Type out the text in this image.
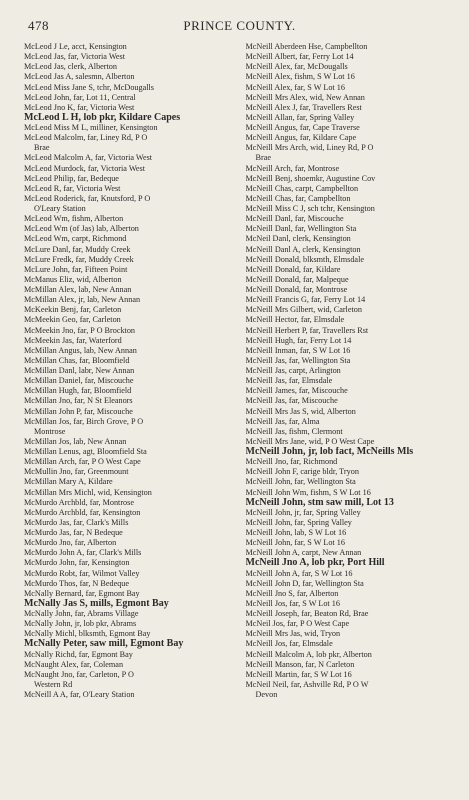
478	PRINCE COUNTY.
McLeod J Le, acct, Kensington
McLeod Jas, far, Victoria West
McLeod Jas, clerk, Alberton
McLeod Jas A, salesmn, Alberton
McLeod Miss Jane S, tchr, McDougalls
McLeod John, far, Lot 11, Central
McLeod Jno K, far, Victoria West
McLeod L H, lob pkr, Kildare Capes
McLeod Miss M L, milliner, Kensington
McLeod Malcolm, far, Liney Rd, P O
Brae
McLeod Malcolm A, far, Victoria West
McLeod Murdock, far, Victoria West
McLeod Philip, far, Bedeque
McLeod R, far, Victoria West
McLeod Roderick, far, Knutsford, P O
O'Leary Station
McLeod Wm, fishm, Alberton
McLeod Wm (of Jas) lab, Alberton
McLeod Wm, carpt, Richmond
McLure Danl, far, Muddy Creek
McLure Fredk, far, Muddy Creek
McLure John, far, Fifteen Point
McManus Eliz, wid, Alberton
McMillan Alex, lab, New Annan
McMillan Alex, jr, lab, New Annan
McKeekin Benj, far, Carleton
McMeekin Geo, far, Carleton
McMeekin Jno, far, P O Brockton
McMeekin Jas, far, Waterford
McMillan Angus, lab, New Annan
McMillan Chas, far, Bloomfield
McMillan Danl, labr, New Annan
McMillan Daniel, far, Miscouche
McMillan Hugh, far, Bloomfield
McMillan Jno, far, N St Eleanors
McMillan John P, far, Miscouche
McMillan Jos, far, Birch Grove, P O
Montrose
McMillan Jos, lab, New Annan
McMillan Lenus, agt, Bloomfield Sta
McMillan Arch, far, P O West Cape
McMullin Jno, far, Greenmount
McMillan Mary A, Kildare
McMillan Mrs Michl, wid, Kensington
McMurdo Archbld, far, Montrose
McMurdo Archbld, far, Kensington
McMurdo Jas, far, Clark's Mills
McMurdo Jas, far, N Bedeque
McMurdo Jno, far, Alberton
McMurdo John A, far, Clark's Mills
McMurdo John, far, Kensington
McMurdo Robt, far, Wilmot Valley
McMurdo Thos, far, N Bedeque
McNally Bernard, far, Egmont Bay
McNally Jas S, mills, Egmont Bay
McNally John, far, Abrams Village
McNally John, jr, lob pkr, Abrams
McNally Michl, blksmth, Egmont Bay
McNally Peter, saw mill, Egmont Bay
McNally Richd, far, Egmont Bay
McNaught Alex, far, Coleman
McNaught Jno, far, Carleton, P O
Western Rd
McNeill A A, far, O'Leary Station
McNeill Aberdeen Hse, Campbellton
McNeill Albert, far, Ferry Lot 14
McNeill Alex, far, McDougalls
McNeill Alex, fishm, S W Lot 16
McNeill Alex, far, S W Lot 16
McNeill Mrs Alex, wid, New Annan
McNeill Alex J, far, Travellers Rest
McNeill Allan, far, Spring Valley
McNeill Angus, far, Cape Traverse
McNeill Angus, far, Kildare Cape
McNeill Mrs Arch, wid, Liney Rd, P O
Brae
McNeill Arch, far, Montrose
McNeill Benj, shoemkr, Augustine Cov
McNeill Chas, carpt, Campbellton
McNeill Chas, far, Campbellton
McNeill Miss C J, sch tchr, Kensington
McNeill Danl, far, Miscouche
McNeill Danl, far, Wellington Sta
McNeil Danl, clerk, Kensington
McNeill Danl A, clerk, Kensington
McNeill Donald, blksmth, Elmsdale
McNeill Donald, far, Kildare
McNeill Donald, far, Malpeque
McNeill Donald, far, Montrose
McNeill Francis G, far, Ferry Lot 14
McNeill Mrs Gilbert, wid, Carleton
McNeill Hector, far, Elmsdale
McNeill Herbert P, far, Travellers Rst
McNeill Hugh, far, Ferry Lot 14
McNeill Inman, far, S W Lot 16
McNeill Jas, far, Wellington Sta
McNeill Jas, carpt, Arlington
McNeill Jas, far, Elmsdale
McNeill James, far, Miscouche
McNeill Jas, far, Miscouche
McNeill Mrs Jas S, wid, Alberton
McNeill Jas, far, Alma
McNeill Jas, fishm, Clermont
McNeill Mrs Jane, wid, P O West Cape
McNeill John, jr, lob fact, McNeills Mls
McNeill Jno, far, Richmond
McNeill John F, carige bldr, Tryon
McNeill John, far, Wellington Sta
McNeill John Wm, fishm, S W Lot 16
McNeill John, stm saw mill, Lot 13
McNeill John, jr, far, Spring Valley
McNeill John, far, Spring Valley
McNeill John, lab, S W Lot 16
McNeill John, far, S W Lot 16
McNeill John A, carpt, New Annan
McNeill Jno A, lob pkr, Port Hill
McNeill John A, far, S W Lot 16
McNeill John D, far, Wellington Sta
McNeill Jno S, far, Alberton
McNeill Jos, far, S W Lot 16
McNeill Joseph, far, Beaton Rd, Brae
McNeil Jos, far, P O West Cape
McNeill Mrs Jas, wid, Tryon
McNeill Jos, far, Elmsdale
McNeill Malcolm A, lob pkr, Alberton
McNeill Manson, far, N Carleton
McNeill Martin, far, S W Lot 16
McNeil Neil, far, Ashville Rd, P O W
Devon
